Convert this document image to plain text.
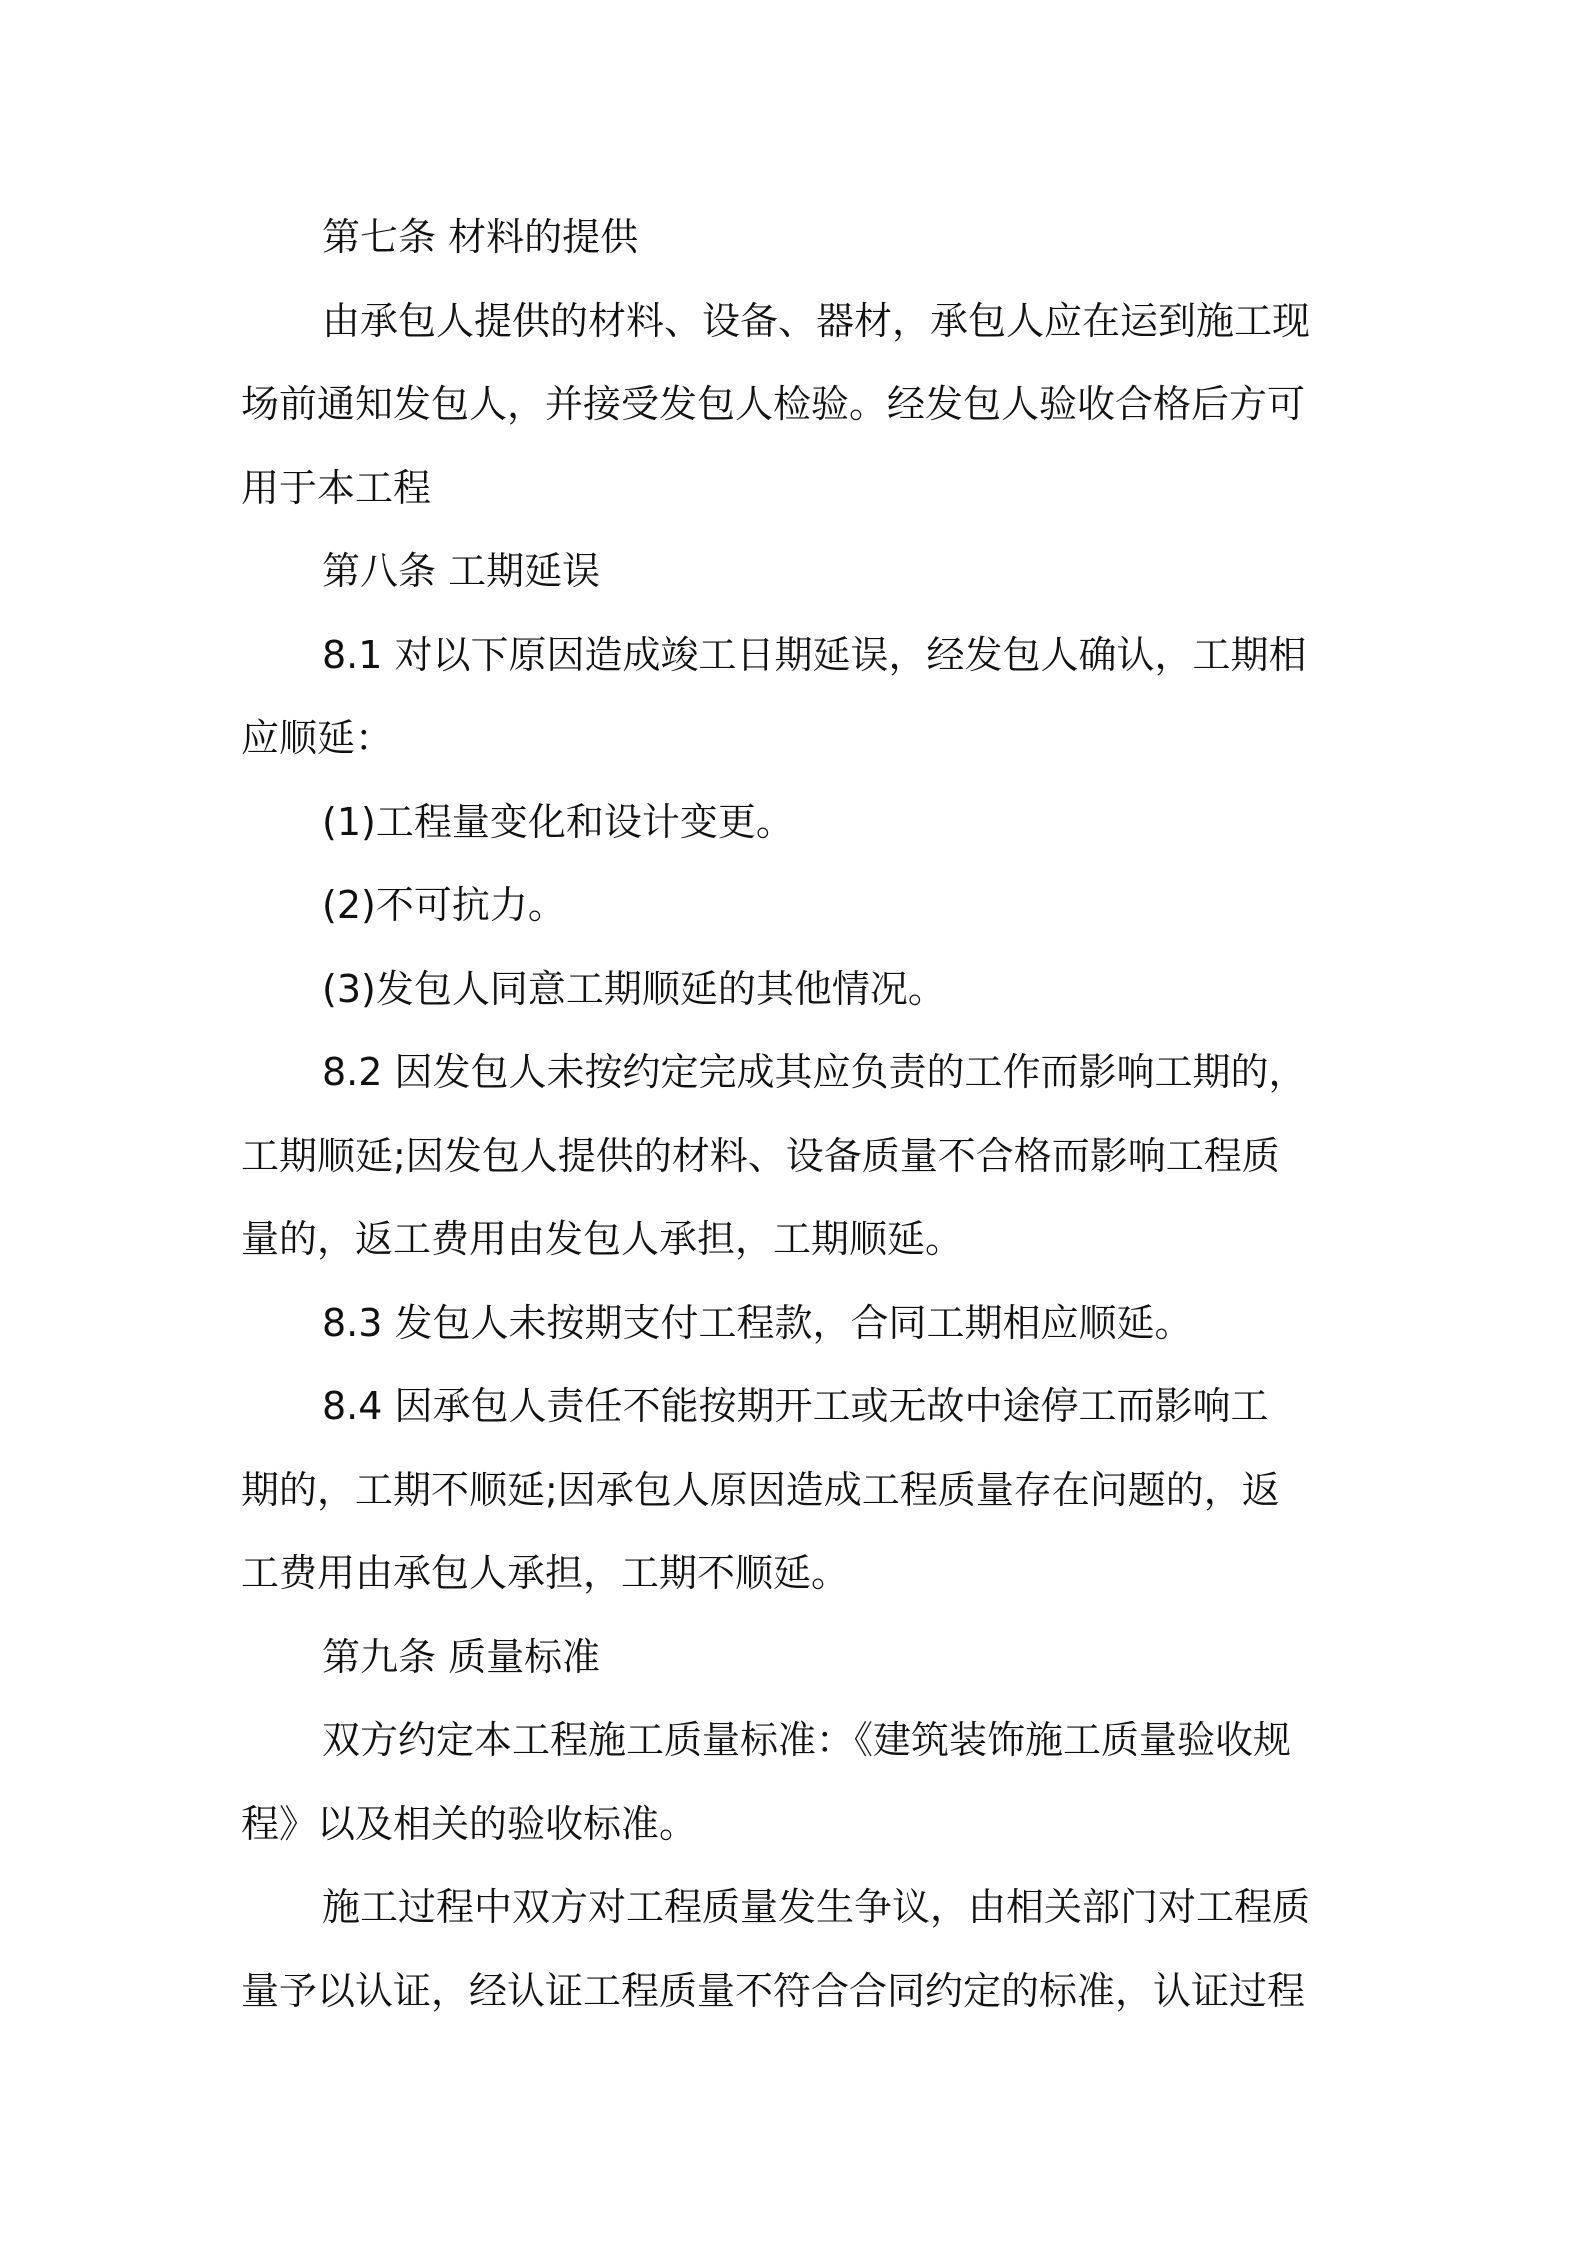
第七条 材料的提供
由承包人提供的材料、设备、器材，承包人应在运到施工现
场前通知发包人，并接受发包人检验。经发包人验收合格后方可
用于本工程
第八条 工期延误
8.1 对以下原因造成竣工日期延误，经发包人确认，工期相
应顺延：
(1)工程量变化和设计变更。
(2)不可抗力。
(3)发包人同意工期顺延的其他情况。
8.2 因发包人未按约定完成其应负责的工作而影响工期的，
工期顺延;因发包人提供的材料、设备质量不合格而影响工程质
量的，返工费用由发包人承担，工期顺延。
8.3 发包人未按期支付工程款，合同工期相应顺延。
8.4 因承包人责任不能按期开工或无故中途停工而影响工
期的，工期不顺延;因承包人原因造成工程质量存在问题的，返
工费用由承包人承担，工期不顺延。
第九条 质量标准
双方约定本工程施工质量标准：《建筑装饰施工质量验收规
程》以及相关的验收标准。
施工过程中双方对工程质量发生争议，由相关部门对工程质
量予以认证，经认证工程质量不符合合同约定的标准，认证过程
